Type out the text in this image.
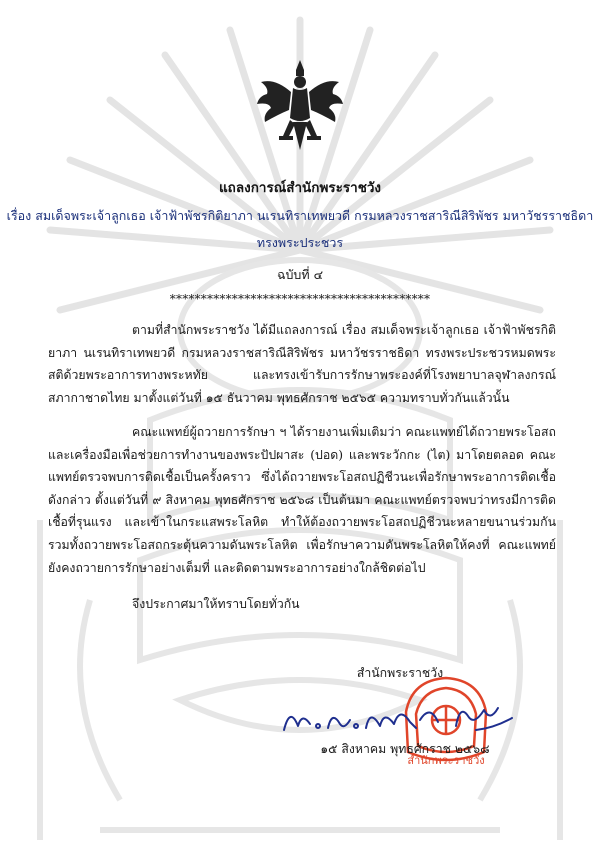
แถลงการณ์สำนักพระราชวัง
เรื่อง สมเด็จพระเจ้าลูกเธอ เจ้าฟ้าพัชรกิติยาภา นเรนทิราเทพยวดี กรมหลวงราชสาริณีสิริพัชร มหาวัชรราชธิดา
ทรงพระประชวร
ฉบับที่ ๔
******************************************

ตามที่สำนักพระราชวัง ได้มีแถลงการณ์ เรื่อง สมเด็จพระเจ้าลูกเธอ เจ้าฟ้าพัชรกิติยาภา นเรนทิราเทพยวดี กรมหลวงราชสาริณีสิริพัชร มหาวัชรราชธิดา ทรงพระประชวรหมดพระสติด้วยพระอาการทางพระหทัย และทรงเข้ารับการรักษาพระองค์ที่โรงพยาบาลจุฬาลงกรณ์ สภากาชาดไทย มาตั้งแต่วันที่ ๑๕ ธันวาคม พุทธศักราช ๒๕๖๕ ความทราบทั่วกันแล้วนั้น

คณะแพทย์ผู้ถวายการรักษา ฯ ได้รายงานเพิ่มเติมว่า คณะแพทย์ได้ถวายพระโอสถ และเครื่องมือเพื่อช่วยการทำงานของพระปัปผาสะ (ปอด) และพระวักกะ (ไต) มาโดยตลอด คณะแพทย์ตรวจพบการติดเชื้อเป็นครั้งคราว ซึ่งได้ถวายพระโอสถปฏิชีวนะเพื่อรักษาพระอาการติดเชื้อดังกล่าว ตั้งแต่วันที่ ๙ สิงหาคม พุทธศักราช ๒๕๖๘ เป็นต้นมา คณะแพทย์ตรวจพบว่าทรงมีการติดเชื้อที่รุนแรง และเข้าในกระแสพระโลหิต ทำให้ต้องถวายพระโอสถปฏิชีวนะหลายขนานร่วมกัน รวมทั้งถวายพระโอสถกระตุ้นความดันพระโลหิต เพื่อรักษาความดันพระโลหิตให้คงที่ คณะแพทย์ยังคงถวายการรักษาอย่างเต็มที่ และติดตามพระอาการอย่างใกล้ชิดต่อไป

จึงประกาศมาให้ทราบโดยทั่วกัน

สำนักพระราชวัง
สำนักพระราชวัง
๑๕ สิงหาคม พุทธศักราช ๒๕๖๘
